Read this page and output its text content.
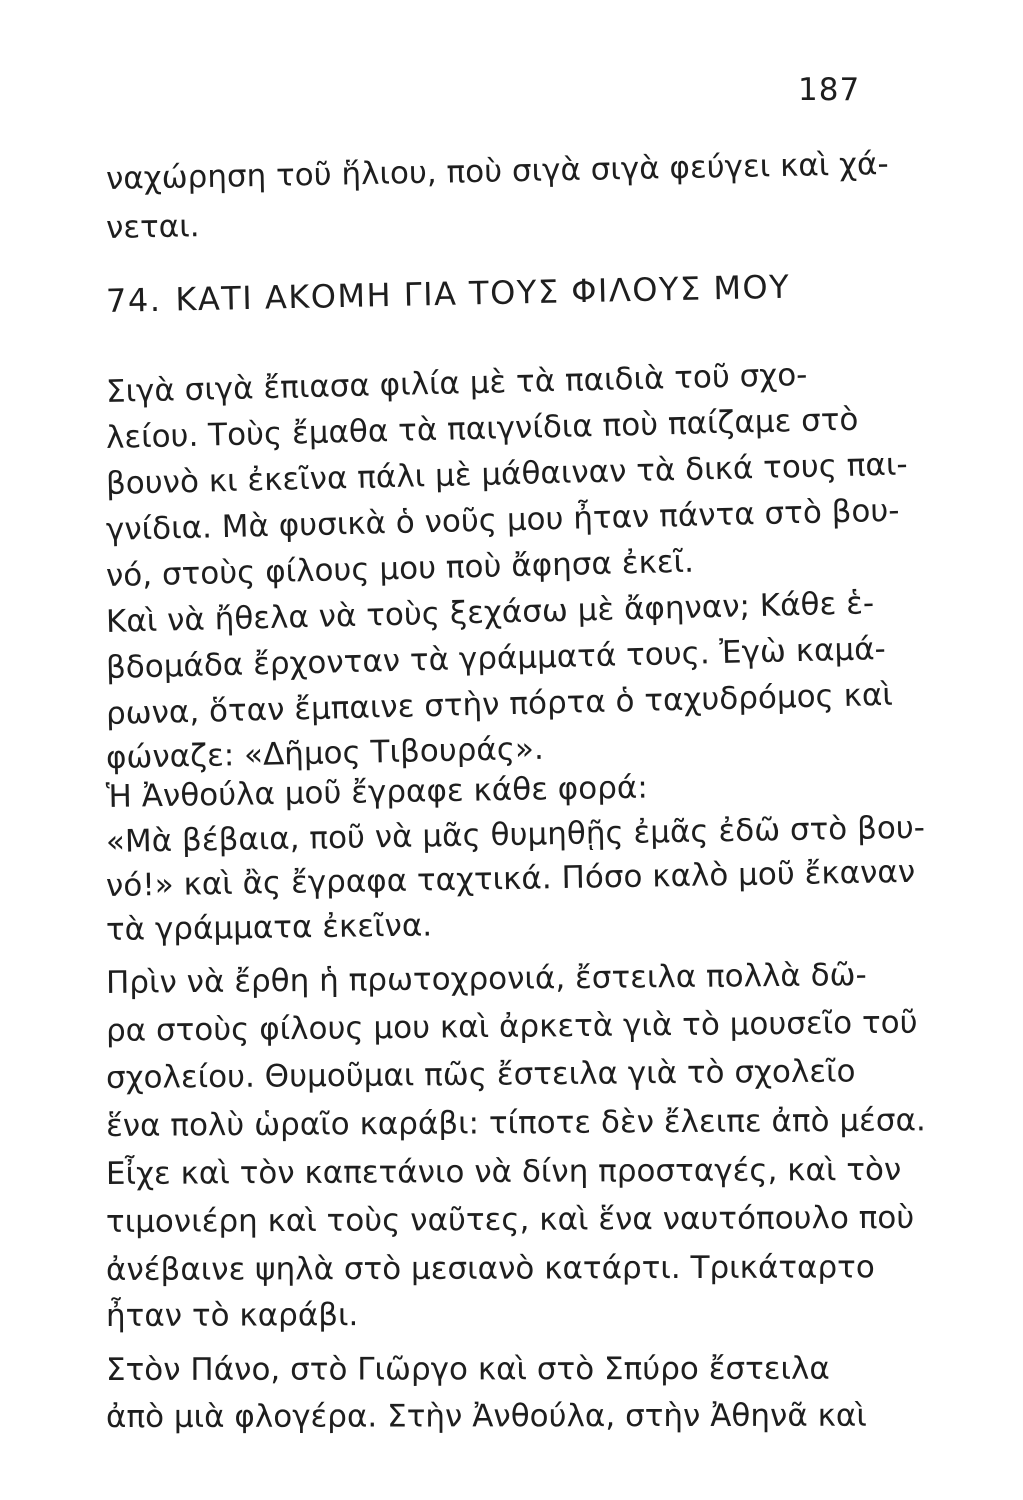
187
ναχώρηση τοῦ ἥλιου, ποὺ σιγὰ σιγὰ φεύγει καὶ χά-
νεται.
74. ΚΑΤΙ ΑΚΟΜΗ ΓΙΑ ΤΟΥΣ ΦΙΛΟΥΣ ΜΟΥ
Σιγὰ σιγὰ ἔπιασα φιλία μὲ τὰ παιδιὰ τοῦ σχο-
λείου. Τοὺς ἔμαθα τὰ παιγνίδια ποὺ παίζαμε στὸ
βουνὸ κι ἐκεῖνα πάλι μὲ μάθαιναν τὰ δικά τους παι-
γνίδια. Μὰ φυσικὰ ὁ νοῦς μου ἦταν πάντα στὸ βου-
νό, στοὺς φίλους μου ποὺ ἄφησα ἐκεῖ.
Καὶ νὰ ἤθελα νὰ τοὺς ξεχάσω μὲ ἄφηναν; Κάθε ἑ-
βδομάδα ἔρχονταν τὰ γράμματά τους. Ἐγὼ καμά-
ρωνα, ὅταν ἔμπαινε στὴν πόρτα ὁ ταχυδρόμος καὶ
φώναζε: «Δῆμος Τιβουράς».
Ἡ Ἀνθούλα μοῦ ἔγραφε κάθε φορά:
«Μὰ βέβαια, ποῦ νὰ μᾶς θυμηθῇς ἐμᾶς ἐδῶ στὸ βου-
νό!» καὶ ἂς ἔγραφα ταχτικά. Πόσο καλὸ μοῦ ἔκαναν
τὰ γράμματα ἐκεῖνα.
Πρὶν νὰ ἔρθη ἡ πρωτοχρονιά, ἔστειλα πολλὰ δῶ-
ρα στοὺς φίλους μου καὶ ἀρκετὰ γιὰ τὸ μουσεῖο τοῦ
σχολείου. Θυμοῦμαι πῶς ἔστειλα γιὰ τὸ σχολεῖο
ἕνα πολὺ ὡραῖο καράβι: τίποτε δὲν ἔλειπε ἀπὸ μέσα.
Εἶχε καὶ τὸν καπετάνιο νὰ δίνη προσταγές, καὶ τὸν
τιμονιέρη καὶ τοὺς ναῦτες, καὶ ἕνα ναυτόπουλο ποὺ
ἀνέβαινε ψηλὰ στὸ μεσιανὸ κατάρτι. Τρικάταρτο
ἦταν τὸ καράβι.
Στὸν Πάνο, στὸ Γιῶργο καὶ στὸ Σπύρο ἔστειλα
ἀπὸ μιὰ φλογέρα. Στὴν Ἀνθούλα, στὴν Ἀθηνᾶ καὶ
